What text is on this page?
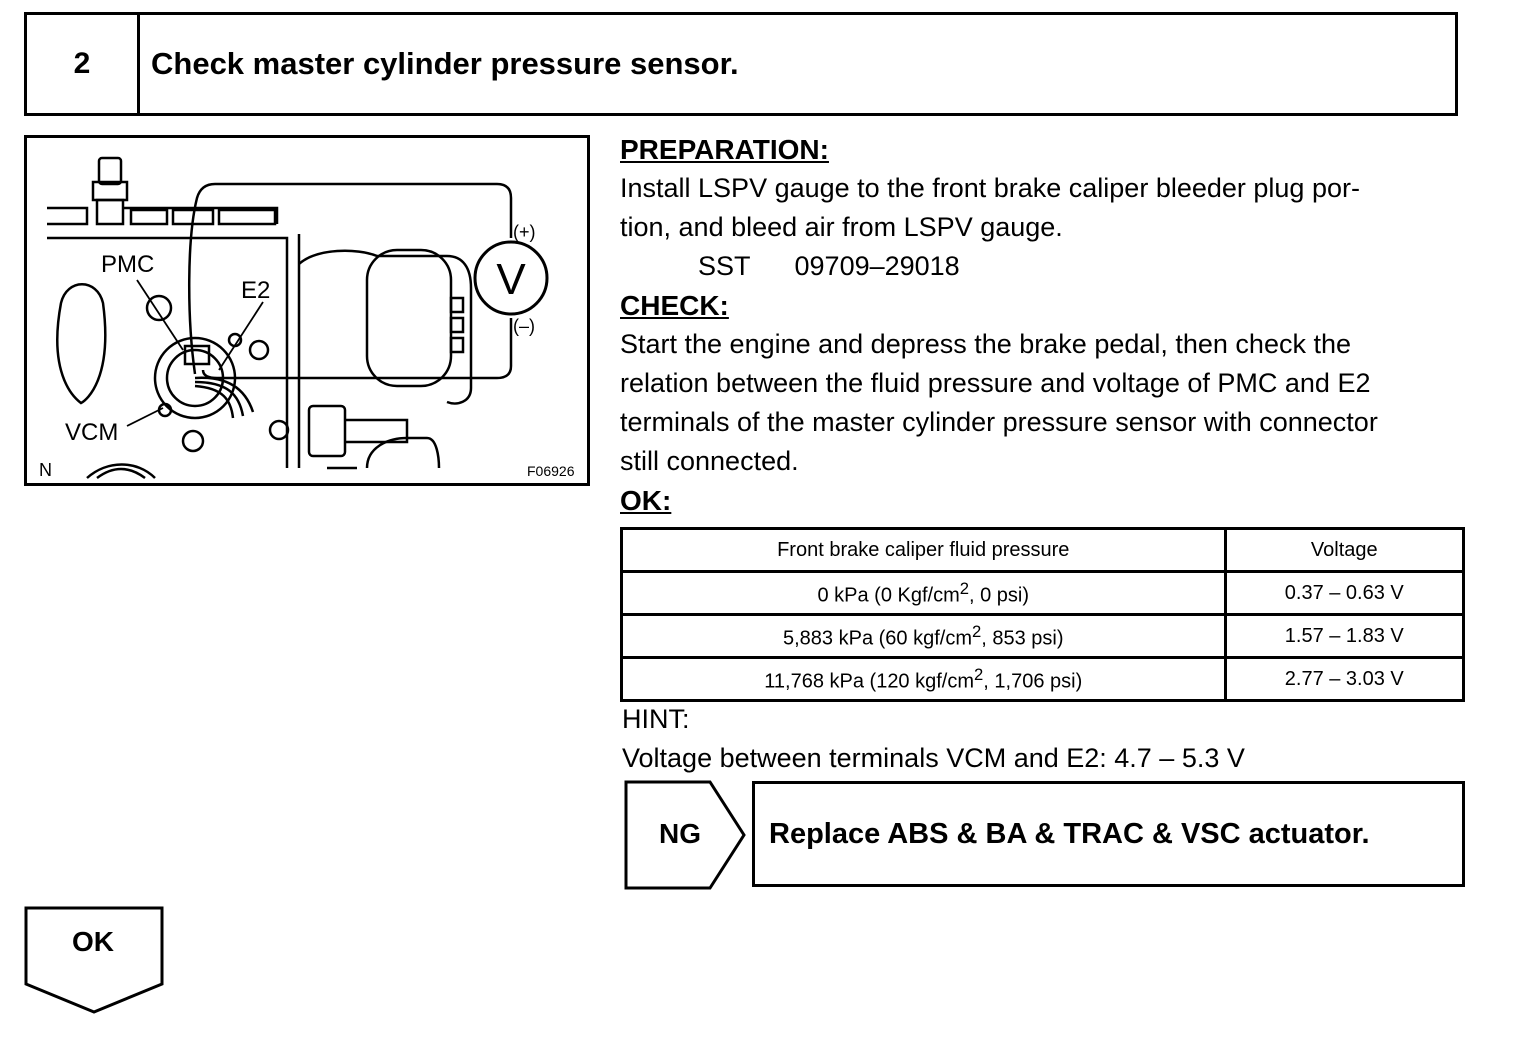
2	Check master cylinder pressure sensor.
PMC
E2
VCM
(+)
(–)
V
N	F06926
PREPARATION:
Install LSPV gauge to the front brake caliper bleeder plug por-
tion, and bleed air from LSPV gauge.
SST 09709–29018
CHECK:
Start the engine and depress the brake pedal, then check the
relation between the fluid pressure and voltage of PMC and E2
terminals of the master cylinder pressure sensor with connector
still connected.
OK:
Front brake caliper fluid pressure	Voltage
0 kPa (0 Kgf/$cm^2$, 0 psi)	0.37 – 0.63 V
5,883 kPa (60 kgf/$cm^2$, 853 psi)	1.57 – 1.83 V
11,768 kPa (120 kgf/$cm^2$, 1,706 psi)	2.77 – 3.03 V
HINT:
Voltage between terminals VCM and E2: 4.7 – 5.3 V
NG	Replace ABS & BA & TRAC & VSC actuator.
OK
